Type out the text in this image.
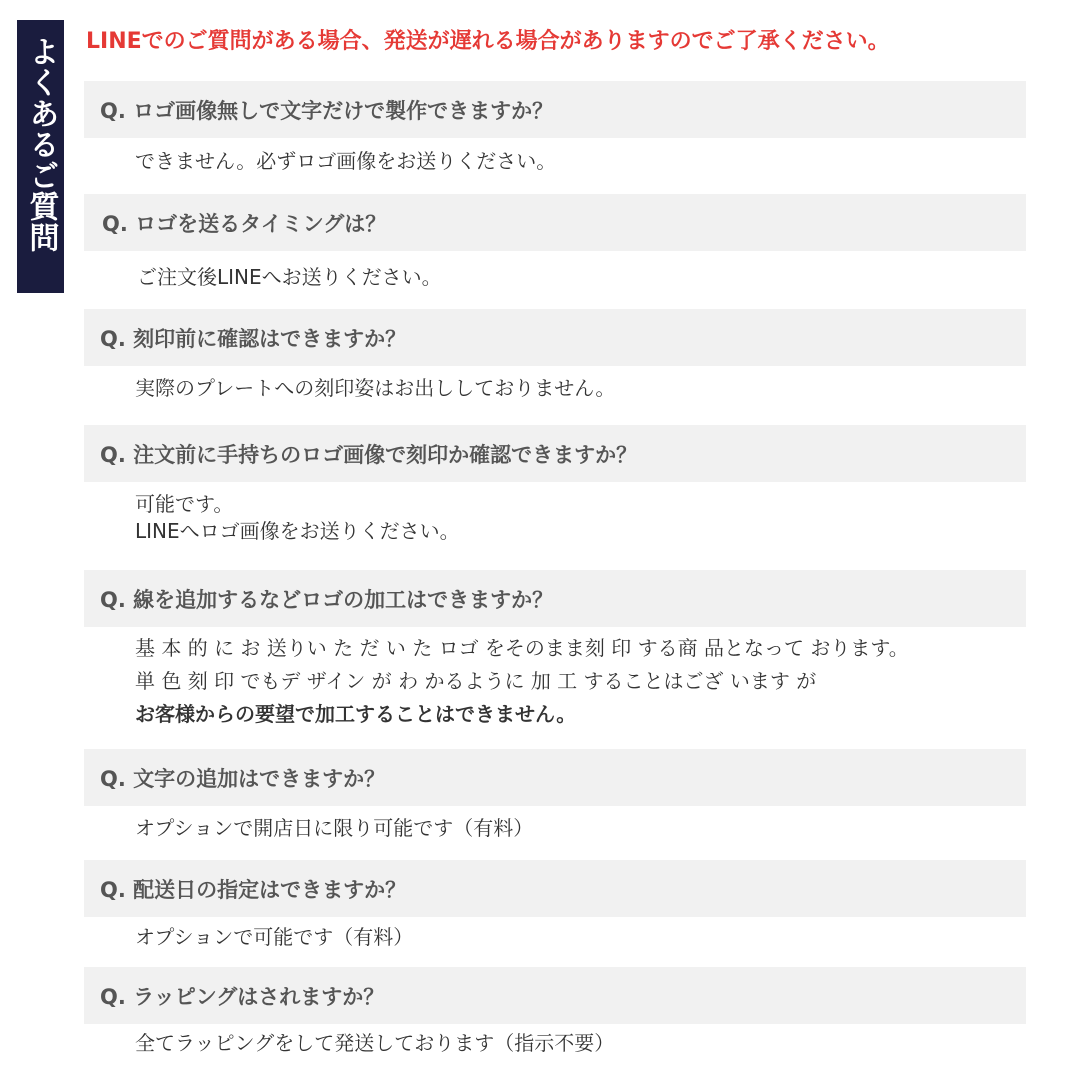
よくあるご質問 LINEでのご質問がある場合、発送が遅れる場合がありますのでご了承ください。
Q. ロゴ画像無しで文字だけで製作できますか？
できません。必ずロゴ画像をお送りください。
Q. ロゴを送るタイミングは？
ご注文後LINEへお送りください。
Q. 刻印前に確認はできますか？
実際のプレートへの刻印姿はお出ししておりません。
Q. 注文前に手持ちのロゴ画像で刻印か確認できますか？
可能です。
LINEへロゴ画像をお送りください。
Q. 線を追加するなどロゴの加工はできますか？
基 本 的 に お 送りい た だ い た ロゴ をそのまま刻 印 する商 品となって おります。
単 色 刻 印 でもデ ザイン が わ かるように 加 工 することはござ います が
お客様からの要望で加工することはできません。
Q. 文字の追加はできますか？
オプションで開店日に限り可能です（有料）
Q. 配送日の指定はできますか？
オプションで可能です（有料）
Q. ラッピングはされますか？
全てラッピングをして発送しております（指示不要）
